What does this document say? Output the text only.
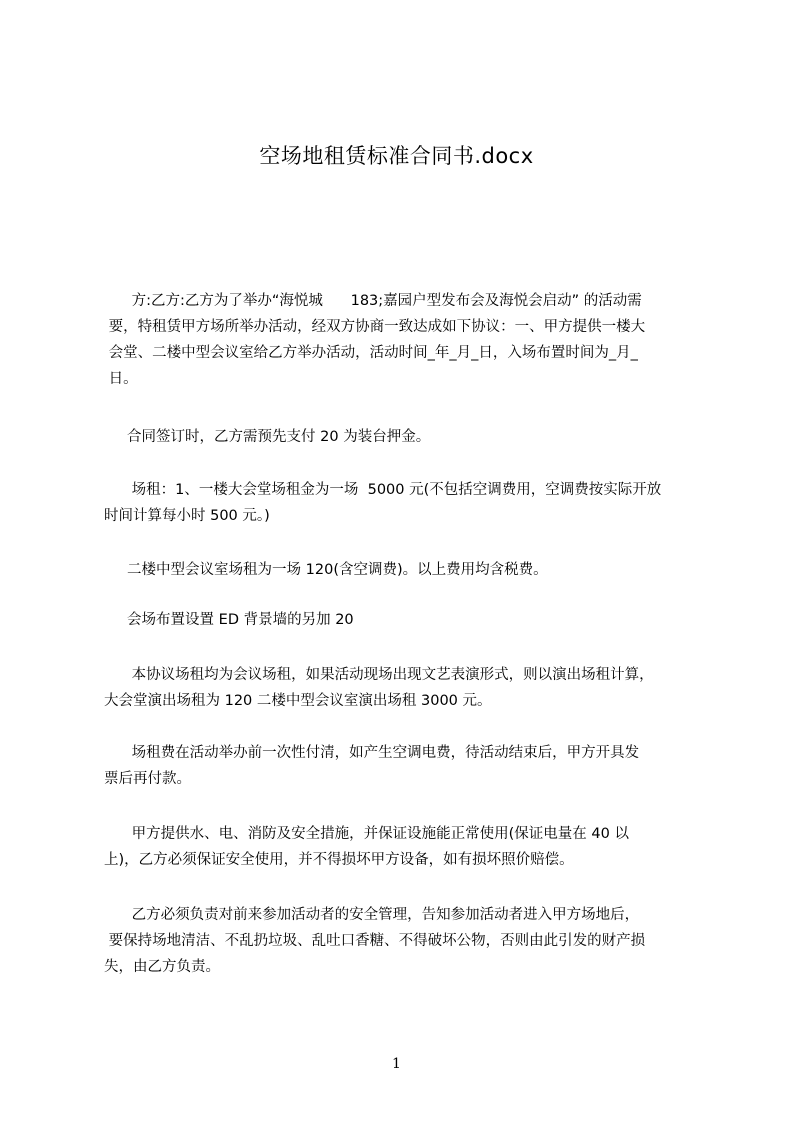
空场地租赁标准合同书.docx
方:乙方:乙方为了举办“海悦城      183;嘉园户型发布会及海悦会启动” 的活动需
要，特租赁甲方场所举办活动，经双方协商一致达成如下协议：一、甲方提供一楼大
会堂、二楼中型会议室给乙方举办活动，活动时间_年_月_日，入场布置时间为_月_
日。
合同签订时，乙方需预先支付 20 为装台押金。
场租：1、一楼大会堂场租金为一场  5000 元(不包括空调费用，空调费按实际开放
时间计算每小时 500 元。)
二楼中型会议室场租为一场 120(含空调费)。以上费用均含税费。
会场布置设置 ED 背景墙的另加 20
本协议场租均为会议场租，如果活动现场出现文艺表演形式，则以演出场租计算，
大会堂演出场租为 120 二楼中型会议室演出场租 3000 元。
场租费在活动举办前一次性付清，如产生空调电费，待活动结束后，甲方开具发
票后再付款。
甲方提供水、电、消防及安全措施，并保证设施能正常使用(保证电量在 40 以
上)，乙方必须保证安全使用，并不得损坏甲方设备，如有损坏照价赔偿。
乙方必须负责对前来参加活动者的安全管理，告知参加活动者进入甲方场地后，
要保持场地清洁、不乱扔垃圾、乱吐口香糖、不得破坏公物，否则由此引发的财产损
失，由乙方负责。
1
